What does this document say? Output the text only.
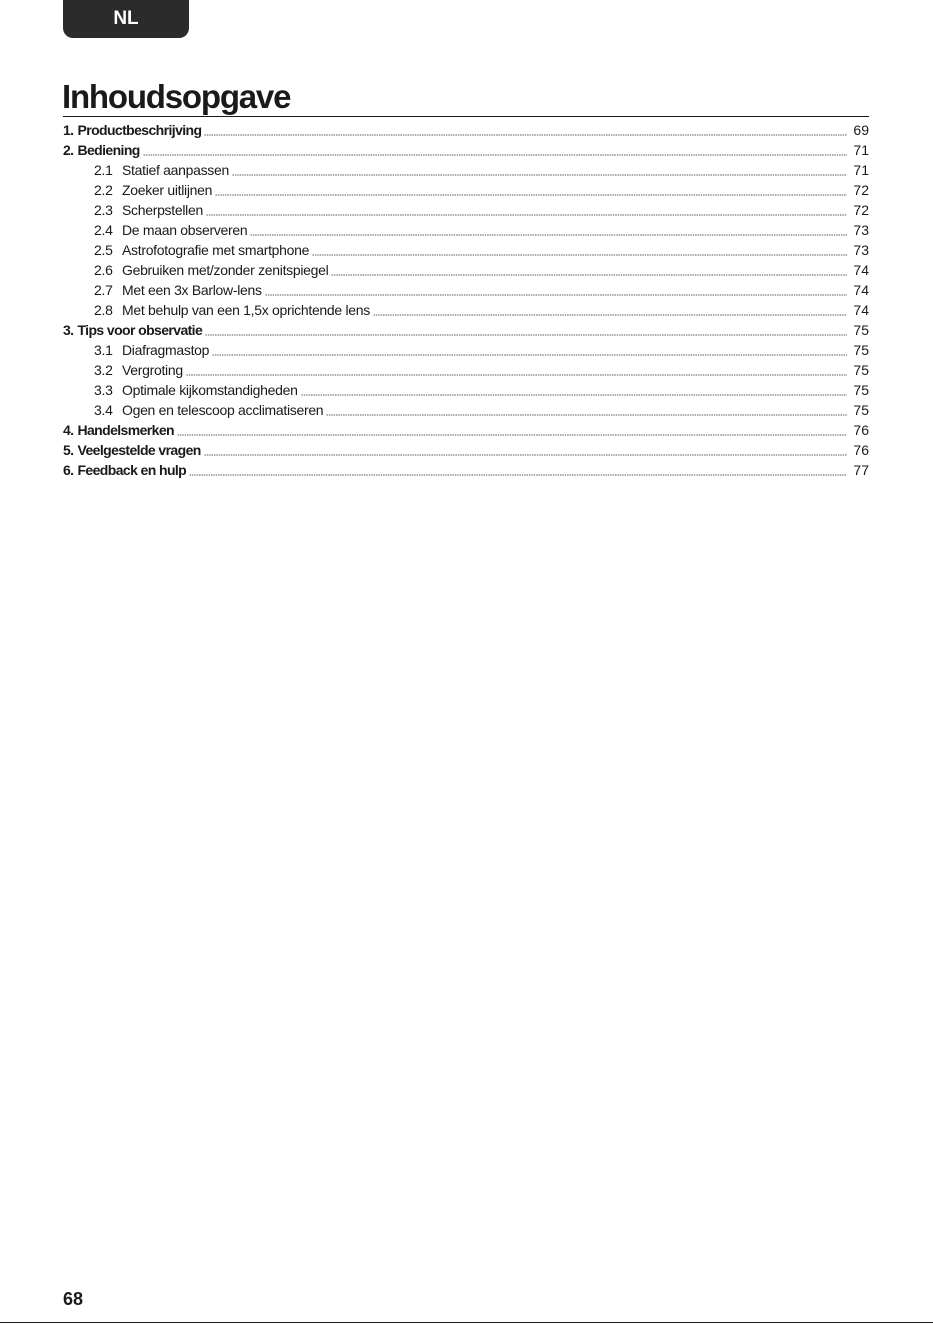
NL
Inhoudsopgave
1. Productbeschrijving	69
2. Bediening	71
2.1 Statief aanpassen	71
2.2 Zoeker uitlijnen	72
2.3 Scherpstellen	72
2.4 De maan observeren	73
2.5 Astrofotografie met smartphone	73
2.6 Gebruiken met/zonder zenitspiegel	74
2.7 Met een 3x Barlow-lens	74
2.8 Met behulp van een 1,5x oprichtende lens	74
3. Tips voor observatie	75
3.1 Diafragmastop	75
3.2 Vergroting	75
3.3 Optimale kijkomstandigheden	75
3.4 Ogen en telescoop acclimatiseren	75
4. Handelsmerken	76
5. Veelgestelde vragen	76
6. Feedback en hulp	77
68
